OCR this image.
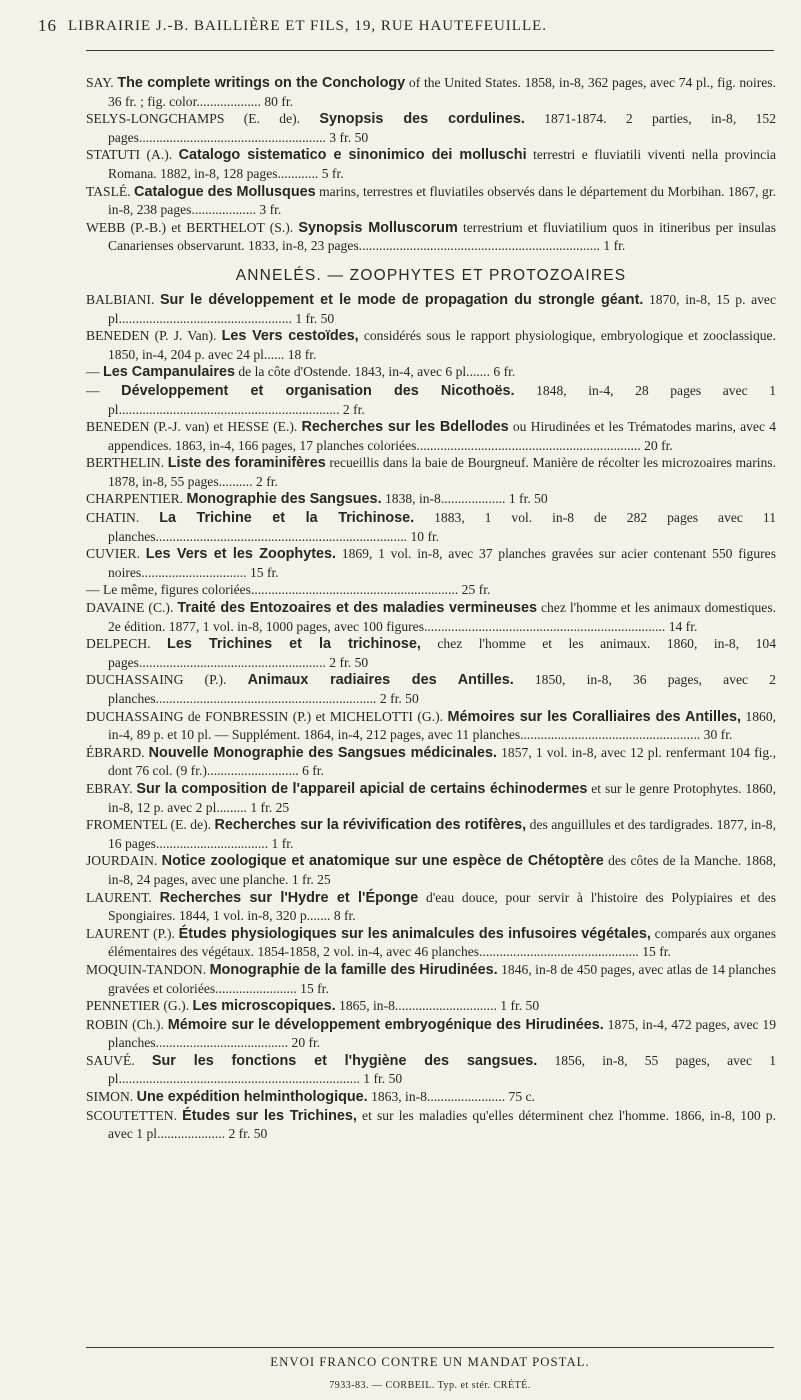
16 LIBRAIRIE J.-B. BAILLIÈRE ET FILS, 19, RUE HAUTEFEUILLE.

SAY. The complete writings on the Conchology of the United States. 1858, in-8, 362 pages, avec 74 pl., fig. noires. 36 fr. ; fig. color................... 80 fr.

SELYS-LONGCHAMPS (E. de). Synopsis des cordulines. 1871-1874. 2 parties, in-8, 152 pages....................................................... 3 fr. 50

STATUTI (A.). Catalogo sistematico e sinonimico dei molluschi terrestri e fluviatili viventi nella provincia Romana. 1882, in-8, 128 pages............ 5 fr.

TASLÉ. Catalogue des Mollusques marins, terrestres et fluviatiles observés dans le département du Morbihan. 1867, gr. in-8, 238 pages................... 3 fr.

WEBB (P.-B.) et BERTHELOT (S.). Synopsis Molluscorum terrestrium et fluviatilium quos in itineribus per insulas Canarienses observarunt. 1833, in-8, 23 pages....................................................................... 1 fr.

ANNELÉS. — ZOOPHYTES ET PROTOZOAIRES

BALBIANI. Sur le développement et le mode de propagation du strongle géant. 1870, in-8, 15 p. avec pl................................................... 1 fr. 50

BENEDEN (P. J. Van). Les Vers cestoïdes, considérés sous le rapport physiologique, embryologique et zooclassique. 1850, in-4, 204 p. avec 24 pl...... 18 fr.

— Les Campanulaires de la côte d'Ostende. 1843, in-4, avec 6 pl....... 6 fr.

— Développement et organisation des Nicothoës. 1848, in-4, 28 pages avec 1 pl................................................................. 2 fr.

BENEDEN (P.-J. van) et HESSE (E.). Recherches sur les Bdellodes ou Hirudinées et les Trématodes marins, avec 4 appendices. 1863, in-4, 166 pages, 17 planches coloriées.................................................................. 20 fr.

BERTHELIN. Liste des foraminifères recueillis dans la baie de Bourgneuf. Manière de récolter les microzoaires marins. 1878, in-8, 55 pages.......... 2 fr.

CHARPENTIER. Monographie des Sangsues. 1838, in-8................... 1 fr. 50

CHATIN. La Trichine et la Trichinose. 1883, 1 vol. in-8 de 282 pages avec 11 planches.......................................................................... 10 fr.

CUVIER. Les Vers et les Zoophytes. 1869, 1 vol. in-8, avec 37 planches gravées sur acier contenant 550 figures noires............................... 15 fr.

— Le même, figures coloriées............................................................. 25 fr.

DAVAINE (C.). Traité des Entozoaires et des maladies vermineuses chez l'homme et les animaux domestiques. 2e édition. 1877, 1 vol. in-8, 1000 pages, avec 100 figures....................................................................... 14 fr.

DELPECH. Les Trichines et la trichinose, chez l'homme et les animaux. 1860, in-8, 104 pages....................................................... 2 fr. 50

DUCHASSAING (P.). Animaux radiaires des Antilles. 1850, in-8, 36 pages, avec 2 planches................................................................. 2 fr. 50

DUCHASSAING de FONBRESSIN (P.) et MICHELOTTI (G.). Mémoires sur les Coralliaires des Antilles, 1860, in-4, 89 p. et 10 pl. — Supplément. 1864, in-4, 212 pages, avec 11 planches..................................................... 30 fr.

ÉBRARD. Nouvelle Monographie des Sangsues médicinales. 1857, 1 vol. in-8, avec 12 pl. renfermant 104 fig., dont 76 col. (9 fr.)........................... 6 fr.

EBRAY. Sur la composition de l'appareil apicial de certains échinodermes et sur le genre Protophytes. 1860, in-8, 12 p. avec 2 pl......... 1 fr. 25

FROMENTEL (E. de). Recherches sur la révivification des rotifères, des anguillules et des tardigrades. 1877, in-8, 16 pages................................. 1 fr.

JOURDAIN. Notice zoologique et anatomique sur une espèce de Chétoptère des côtes de la Manche. 1868, in-8, 24 pages, avec une planche. 1 fr. 25

LAURENT. Recherches sur l'Hydre et l'Éponge d'eau douce, pour servir à l'histoire des Polypiaires et des Spongiaires. 1844, 1 vol. in-8, 320 p....... 8 fr.

LAURENT (P.). Études physiologiques sur les animalcules des infusoires végétales, comparés aux organes élémentaires des végétaux. 1854-1858, 2 vol. in-4, avec 46 planches............................................... 15 fr.

MOQUIN-TANDON. Monographie de la famille des Hirudinées. 1846, in-8 de 450 pages, avec atlas de 14 planches gravées et coloriées........................ 15 fr.

PENNETIER (G.). Les microscopiques. 1865, in-8.............................. 1 fr. 50

ROBIN (Ch.). Mémoire sur le développement embryogénique des Hirudinées. 1875, in-4, 472 pages, avec 19 planches....................................... 20 fr.

SAUVÉ. Sur les fonctions et l'hygiène des sangsues. 1856, in-8, 55 pages, avec 1 pl....................................................................... 1 fr. 50

SIMON. Une expédition helminthologique. 1863, in-8....................... 75 c.

SCOUTETTEN. Études sur les Trichines, et sur les maladies qu'elles déterminent chez l'homme. 1866, in-8, 100 p. avec 1 pl.................... 2 fr. 50

ENVOI FRANCO CONTRE UN MANDAT POSTAL.
7933-83. — CORBEIL. Typ. et stér. CRÉTÉ.
